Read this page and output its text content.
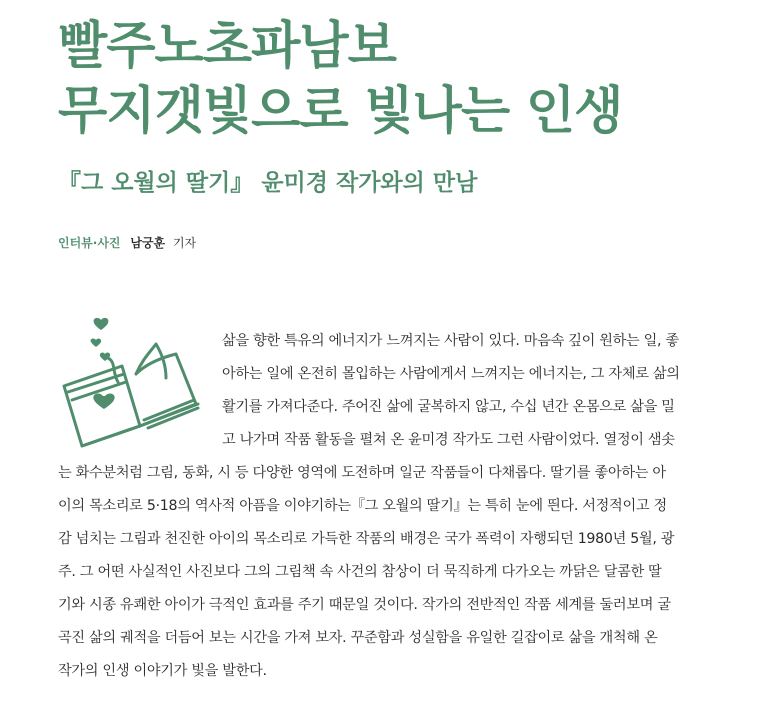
빨주노초파남보
무지갯빛으로 빛나는 인생
『그 오월의 딸기』 윤미경 작가와의 만남
인터뷰·사진 남궁훈 기자
삶을 향한 특유의 에너지가 느껴지는 사람이 있다. 마음속 깊이 원하는 일, 좋
아하는 일에 온전히 몰입하는 사람에게서 느껴지는 에너지는, 그 자체로 삶의
활기를 가져다준다. 주어진 삶에 굴복하지 않고, 수십 년간 온몸으로 삶을 밀
고 나가며 작품 활동을 펼쳐 온 윤미경 작가도 그런 사람이었다. 열정이 샘솟
는 화수분처럼 그림, 동화, 시 등 다양한 영역에 도전하며 일군 작품들이 다채롭다. 딸기를 좋아하는 아
이의 목소리로 5·18의 역사적 아픔을 이야기하는『그 오월의 딸기』는 특히 눈에 띈다. 서정적이고 정
감 넘치는 그림과 천진한 아이의 목소리로 가득한 작품의 배경은 국가 폭력이 자행되던 1980년 5월, 광
주. 그 어떤 사실적인 사진보다 그의 그림책 속 사건의 참상이 더 묵직하게 다가오는 까닭은 달콤한 딸
기와 시종 유쾌한 아이가 극적인 효과를 주기 때문일 것이다. 작가의 전반적인 작품 세계를 둘러보며 굴
곡진 삶의 궤적을 더듬어 보는 시간을 가져 보자. 꾸준함과 성실함을 유일한 길잡이로 삶을 개척해 온
작가의 인생 이야기가 빛을 발한다.
